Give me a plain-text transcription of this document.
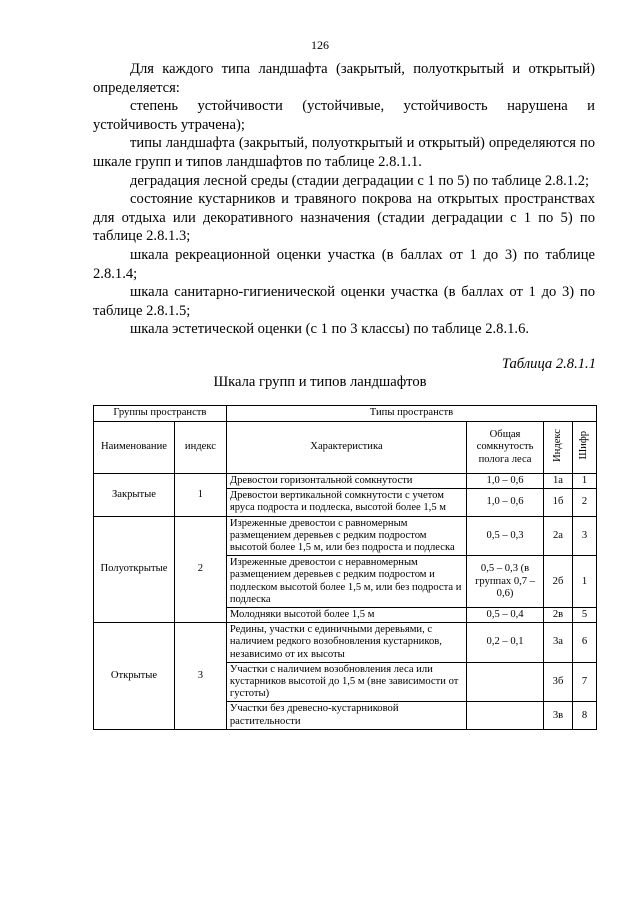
126

Для каждого типа ландшафта (закрытый, полуоткрытый и открытый) определяется:

степень устойчивости (устойчивые, устойчивость нарушена и устойчивость утрачена);

типы ландшафта (закрытый, полуоткрытый и открытый) определяются по шкале групп и типов ландшафтов по таблице 2.8.1.1.

деградация лесной среды (стадии деградации с 1 по 5) по таблице 2.8.1.2;

состояние кустарников и травяного покрова на открытых пространствах для отдыха или декоративного назначения (стадии деградации с 1 по 5) по таблице 2.8.1.3;

шкала рекреационной оценки участка (в баллах от 1 до 3) по таблице 2.8.1.4;

шкала санитарно-гигиенической оценки участка (в баллах от 1 до 3) по таблице 2.8.1.5;

шкала эстетической оценки (с 1 по 3 классы) по таблице 2.8.1.6.

Таблица 2.8.1.1
Шкала групп и типов ландшафтов
Группы пространств		Типы пространств			
Наименование	индекс	Характеристика	Общая сомкнутость полога леса	Индекс	Шифр
Закрытые	1	Древостои горизонтальной сомкнутости	1,0 – 0,6	1а	1
		Древостои вертикальной сомкнутости с учетом яруса подроста и подлеска, высотой более 1,5 м	1,0 – 0,6	1б	2
Полуоткрытые	2	Изреженные древостои с равномерным размещением деревьев с редким подростом высотой более 1,5 м, или без подроста и подлеска	0,5 – 0,3	2а	3
		Изреженные древостои с неравномерным размещением деревьев с редким подростом и подлеском высотой более 1,5 м, или без подроста и подлеска	0,5 – 0,3 (в группах 0,7 – 0,6)	2б	1
		Молодняки высотой более 1,5 м	0,5 – 0,4	2в	5
Открытые	3	Редины, участки с единичными деревьями, с наличием редкого возобновления кустарников, независимо от их высоты	0,2 – 0,1	3а	6
		Участки с наличием возобновления леса или кустарников высотой до 1,5 м (вне зависимости от густоты)		3б	7
		Участки без древесно-кустарниковой растительности		3в	8
